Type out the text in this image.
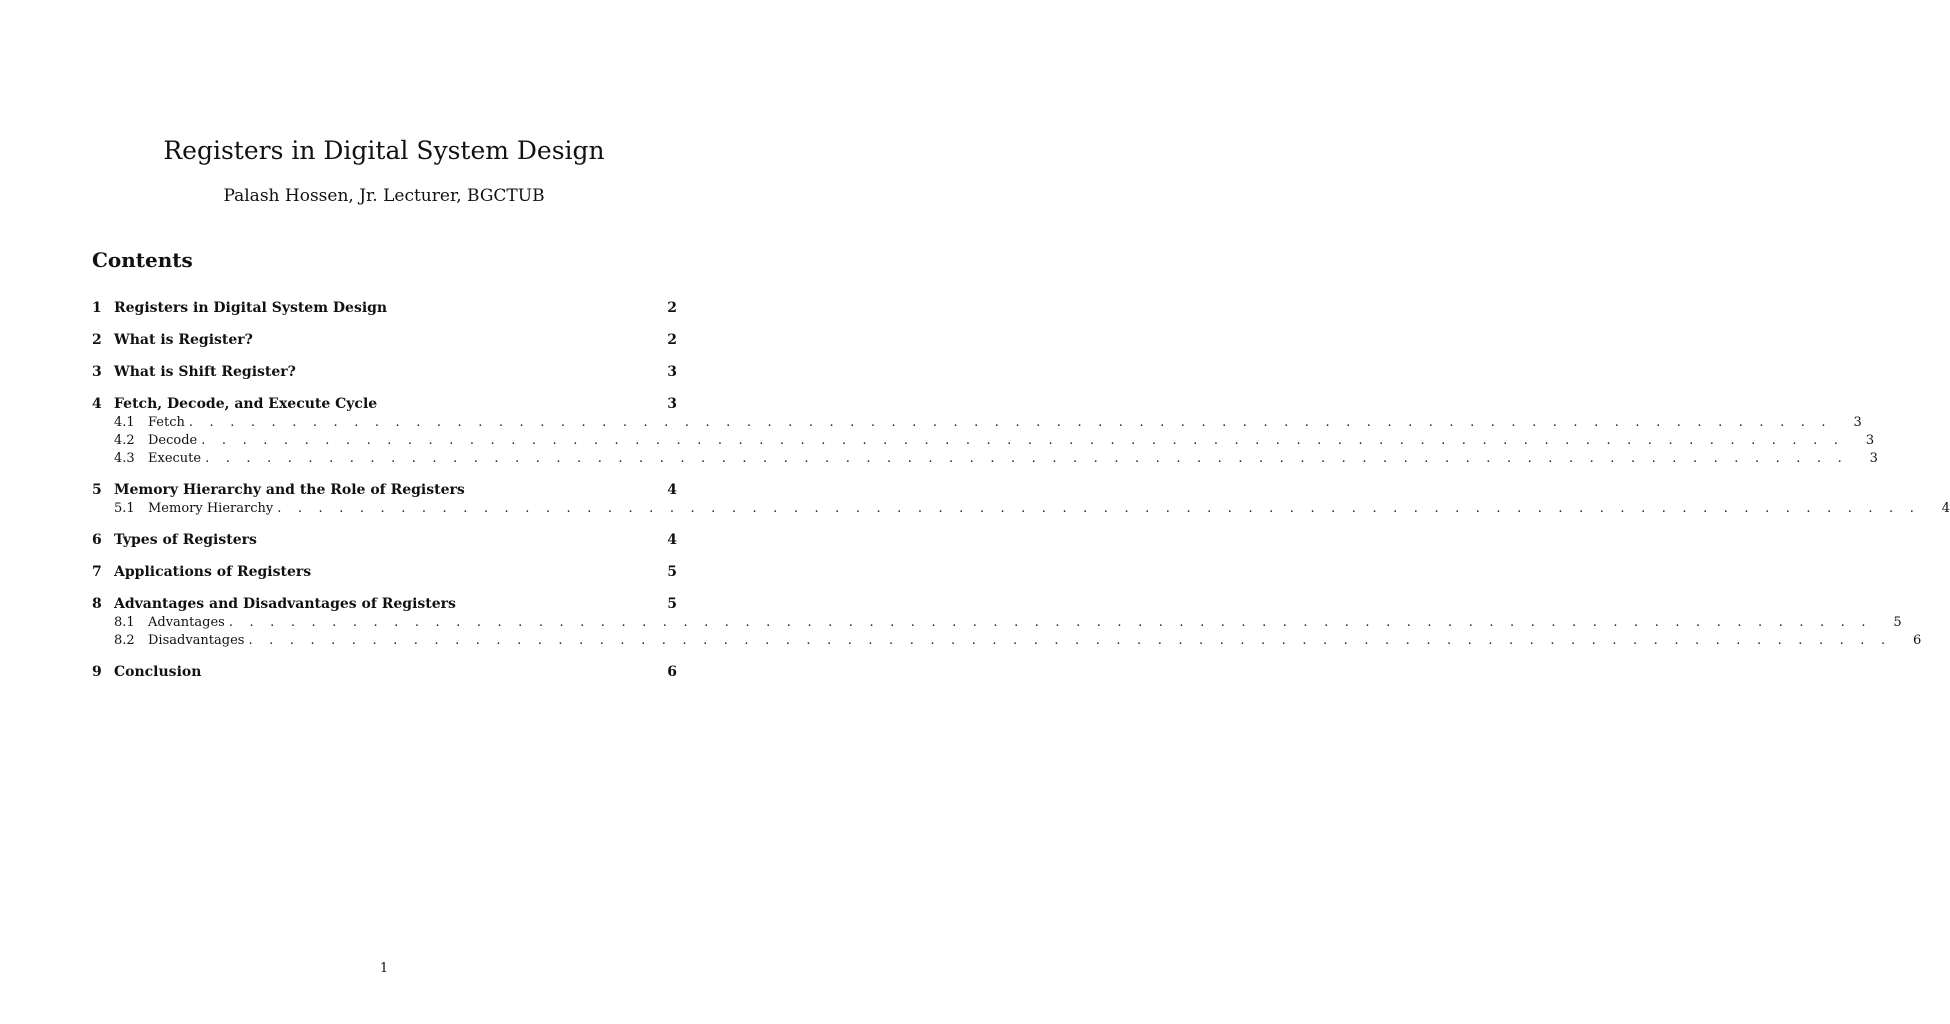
Registers in Digital System Design
Palash Hossen, Jr. Lecturer, BGCTUB
Contents
1 Registers in Digital System Design	2
2 What is Register?	2
3 What is Shift Register?	3
4 Fetch, Decode, and Execute Cycle	3
4.1	Fetch . . . . . . . . . . . . . . . . . . . . . . . . . . . . . . . . . . . . . . . . . . . . . . . . . . . . . . . . . . . . . . . . . . . . . . . . . . . . . . . .	3
4.2	Decode . . . . . . . . . . . . . . . . . . . . . . . . . . . . . . . . . . . . . . . . . . . . . . . . . . . . . . . . . . . . . . . . . . . . . . . . . . . . . . . .	3
4.3	Execute . . . . . . . . . . . . . . . . . . . . . . . . . . . . . . . . . . . . . . . . . . . . . . . . . . . . . . . . . . . . . . . . . . . . . . . . . . . . . . . .	3
5 Memory Hierarchy and the Role of Registers	4
5.1	Memory Hierarchy . . . . . . . . . . . . . . . . . . . . . . . . . . . . . . . . . . . . . . . . . . . . . . . . . . . . . . . . . . . . . . . . . . . . . . . . . . . . . . . .	4
6 Types of Registers	4
7 Applications of Registers	5
8 Advantages and Disadvantages of Registers	5
8.1	Advantages . . . . . . . . . . . . . . . . . . . . . . . . . . . . . . . . . . . . . . . . . . . . . . . . . . . . . . . . . . . . . . . . . . . . . . . . . . . . . . . .	5
8.2	Disadvantages . . . . . . . . . . . . . . . . . . . . . . . . . . . . . . . . . . . . . . . . . . . . . . . . . . . . . . . . . . . . . . . . . . . . . . . . . . . . . . . .	6
9 Conclusion	6
1
